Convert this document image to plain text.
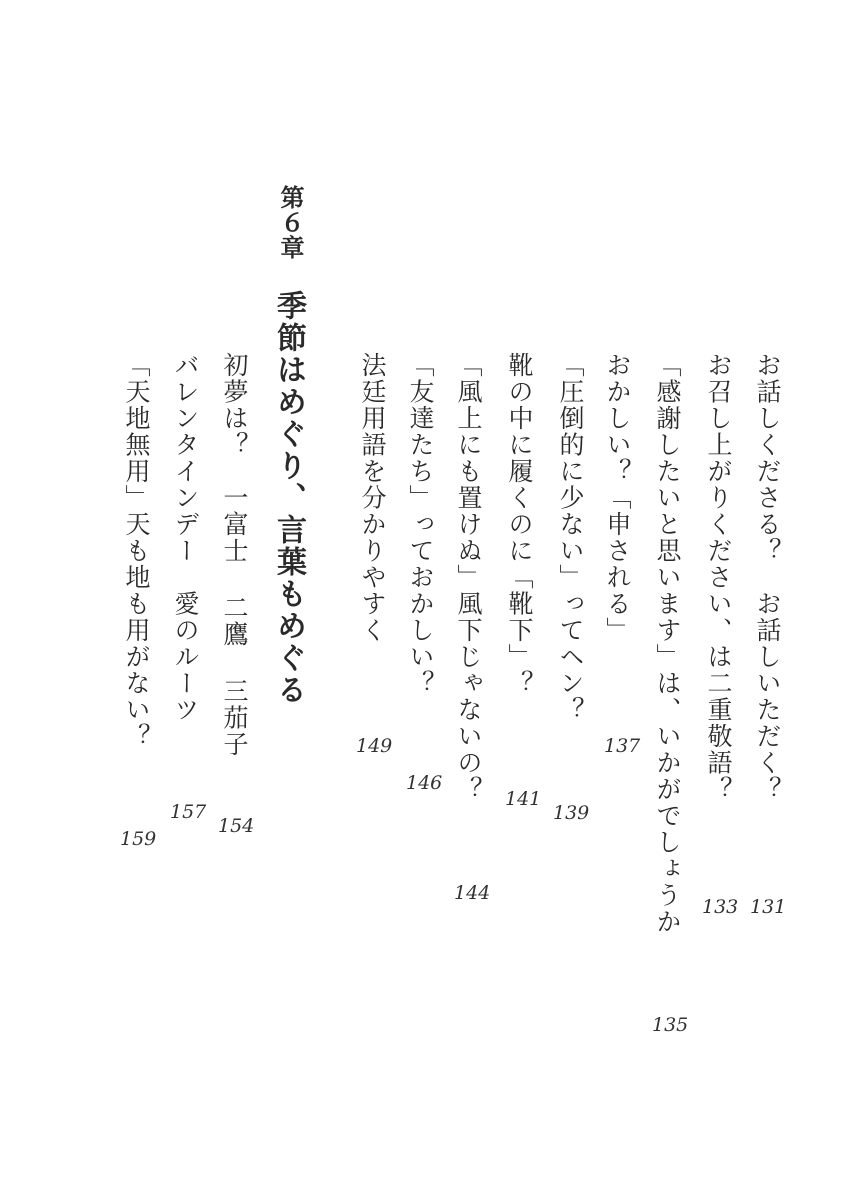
お話しくださる？　お話しいただく？
131
お召し上がりください、は二重敬語？
133
「感謝したいと思います」は、いかがでしょうか
135
おかしい？「申される」
137
「圧倒的に少ない」ってヘン？
139
靴の中に履くのに「靴下」？
141
「風上にも置けぬ」風下じゃないの？
144
「友達たち」っておかしい？
146
法廷用語を分かりやすく
149
第６章
季節はめぐり、言葉もめぐる
初夢は？　一富士 二鷹 三茄子
154
バレンタインデー　愛のルーツ
157
「天地無用」天も地も用がない？
159
